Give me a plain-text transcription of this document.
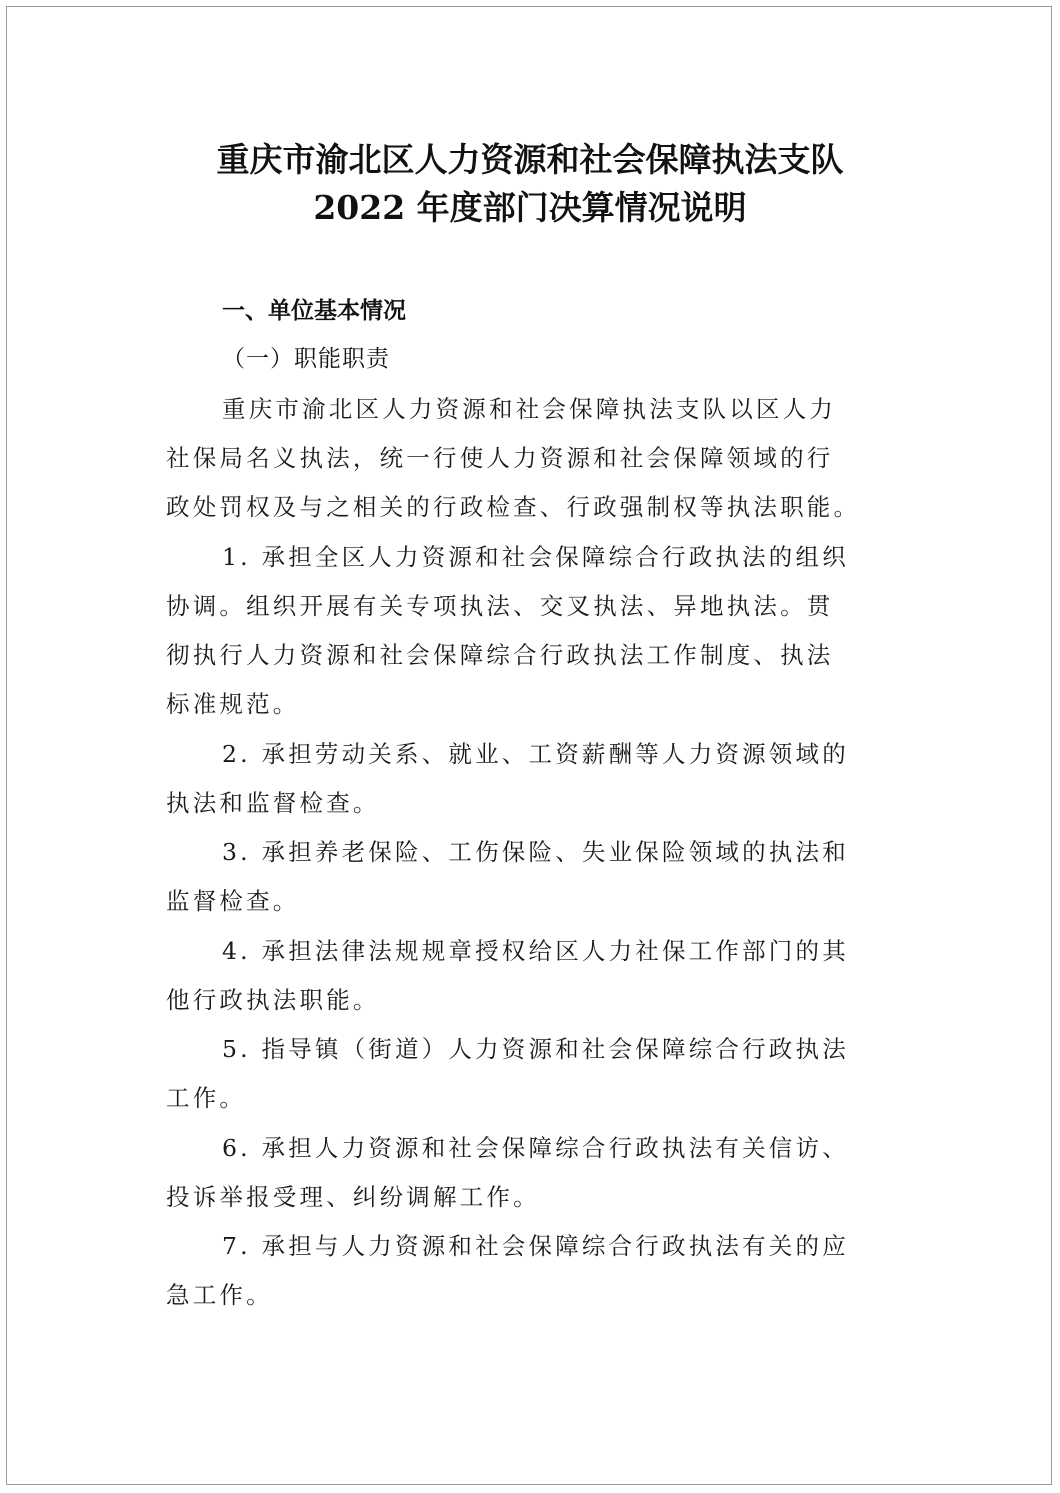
重庆市渝北区人力资源和社会保障执法支队
2022 年度部门决算情况说明
一、单位基本情况
（一）职能职责
重庆市渝北区人力资源和社会保障执法支队以区人力
社保局名义执法，统一行使人力资源和社会保障领域的行
政处罚权及与之相关的行政检查、行政强制权等执法职能。
1. 承担全区人力资源和社会保障综合行政执法的组织
协调。组织开展有关专项执法、交叉执法、异地执法。贯
彻执行人力资源和社会保障综合行政执法工作制度、执法
标准规范。
2. 承担劳动关系、就业、工资薪酬等人力资源领域的
执法和监督检查。
3. 承担养老保险、工伤保险、失业保险领域的执法和
监督检查。
4. 承担法律法规规章授权给区人力社保工作部门的其
他行政执法职能。
5. 指导镇（街道）人力资源和社会保障综合行政执法
工作。
6. 承担人力资源和社会保障综合行政执法有关信访、
投诉举报受理、纠纷调解工作。
7. 承担与人力资源和社会保障综合行政执法有关的应
急工作。
